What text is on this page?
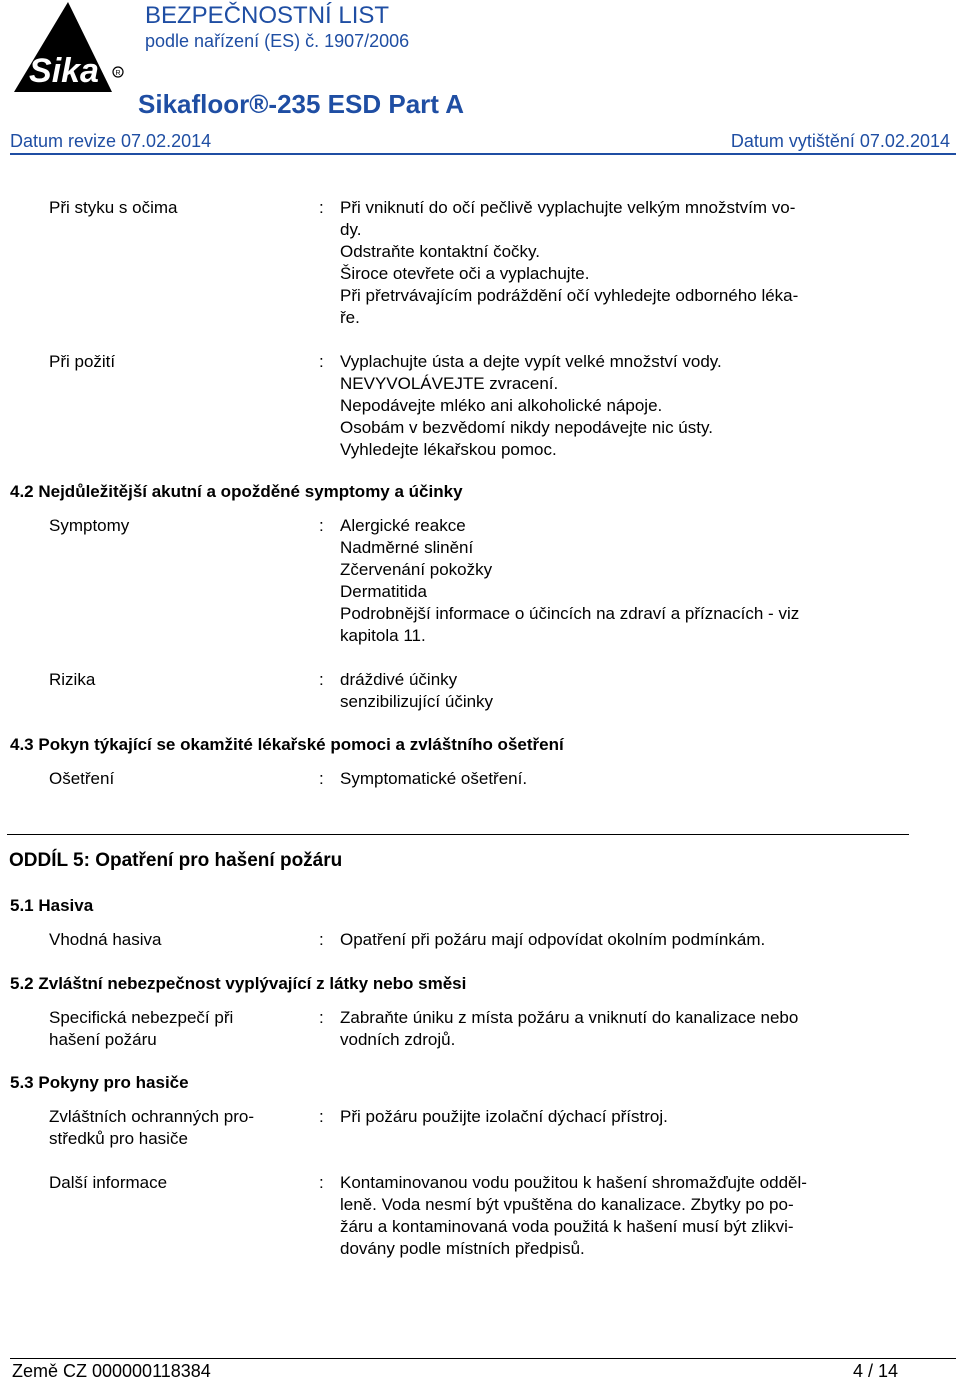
Sika R
BEZPEČNOSTNÍ LIST
podle nařízení (ES) č. 1907/2006
Sikafloor®-235 ESD Part A
Datum revize 07.02.2014	Datum vytištění 07.02.2014

Při styku s očima	: Při vniknutí do očí pečlivě vyplachujte velkým množstvím vo-

dy.

Odstraňte kontaktní čočky.

Široce otevřete oči a vyplachujte.

Při přetrvávajícím podráždění očí vyhledejte odborného léka-

ře.

Při požití	: Vyplachujte ústa a dejte vypít velké množství vody.

NEVYVOLÁVEJTE zvracení.

Nepodávejte mléko ani alkoholické nápoje.

Osobám v bezvědomí nikdy nepodávejte nic ústy.

Vyhledejte lékařskou pomoc.

4.2 Nejdůležitější akutní a opožděné symptomy a účinky

Symptomy	: Alergické reakce

Nadměrné slinění

Zčervenání pokožky

Dermatitida

Podrobnější informace o účincích na zdraví a příznacích - viz

kapitola 11.

Rizika	: dráždivé účinky

senzibilizující účinky

4.3 Pokyn týkající se okamžité lékařské pomoci a zvláštního ošetření

Ošetření	: Symptomatické ošetření.

ODDÍL 5: Opatření pro hašení požáru
5.1 Hasiva

Vhodná hasiva	: Opatření při požáru mají odpovídat okolním podmínkám.

5.2 Zvláštní nebezpečnost vyplývající z látky nebo směsi

Specifická nebezpečí při

hašení požáru

: Zabraňte úniku z místa požáru a vniknutí do kanalizace nebo

vodních zdrojů.

5.3 Pokyny pro hasiče

Zvláštních ochranných pro-

středků pro hasiče

: Při požáru použijte izolační dýchací přístroj.

Další informace	: Kontaminovanou vodu použitou k hašení shromažďujte odděl-

leně. Voda nesmí být vpuštěna do kanalizace. Zbytky po po-

žáru a kontaminovaná voda použitá k hašení musí být zlikvi-

dovány podle místních předpisů.

Země CZ 000000118384	4 / 14
